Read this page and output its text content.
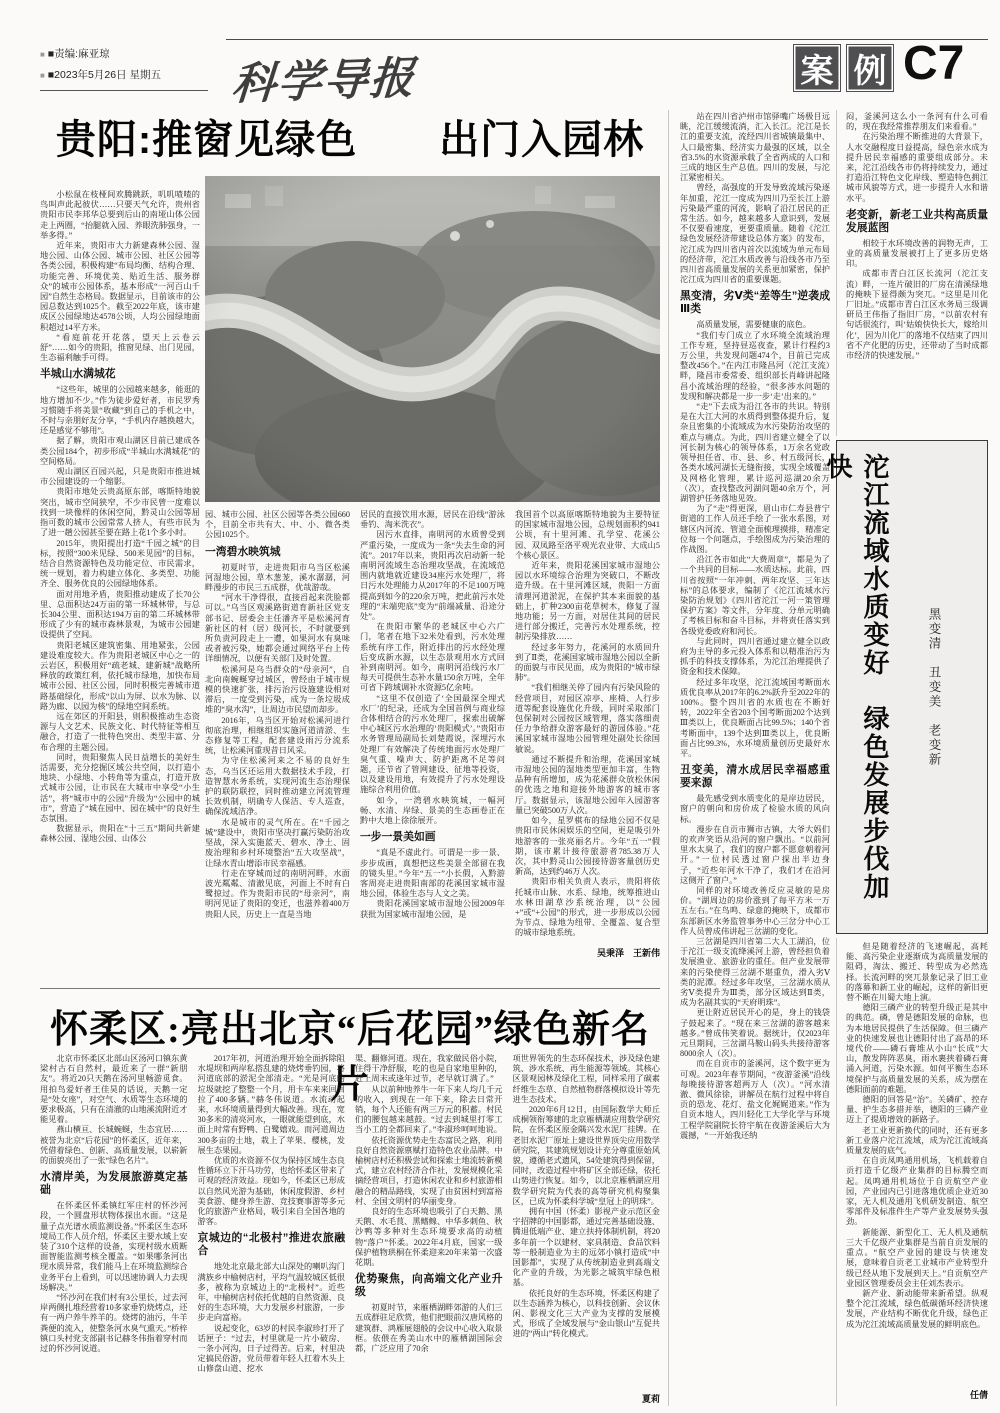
■ ■责编:麻亚琼
■ ■2023年5月26日 星期五	科学导报	案 例 C7
贵阳:推窗见绿色　　出门入园林
小松鼠在枝桠间欢腾跳跃，叽叽喳喳的鸟叫声此起彼伏……只要天气允许，贵州省贵阳市民李邦华总要到后山的南垭山体公园走上两圈，“抬腿就入园、养眼洗肺强身，一举多得。”
近年来，贵阳市大力新建森林公园、湿地公园、山体公园、城市公园、社区公园等各类公园，积极构建“布局均衡、结构合理、功能完善、环境优美、贴近生活、服务群众”的城市公园体系，基本形成“一河百山千园”自然生态格局。数据显示，目前该市的公园总数达到1025个。截至2022年底，该市建成区公园绿地达4578公顷，人均公园绿地面积超过14平方米。
“看庭前花开花落，望天上云卷云舒”……如今的贵阳，推窗见绿、出门见园，生态福利触手可得。
半城山水满城花
“这些年，城里的公园越来越多，能逛的地方增加不少。”作为徒步爱好者，市民罗秀习惯随手将美景“收藏”到自己的手机之中，不时与亲朋好友分享，“手机内存越换越大，还是感觉不够用”。
据了解，贵阳市观山湖区目前已建成各类公园184个，初步形成“半城山水满城花”的空间格局。
观山湖区百园兴起，只是贵阳市推进城市公园建设的一个缩影。
贵阳市地处云贵高原东部，喀斯特地貌突出，城市空间狭窄，不少市民曾一度难以找到一块像样的休闲空间，黔灵山公园等屈指可数的城市公园常常人挤人，有些市民为了进一趟公园甚至要在路上花1个多小时。
2015年，贵阳提出打造“千园之城”的目标，按照“300米见绿、500米见园”的目标，结合自然资源特色及功能定位、市民需求，统一规划，着力构建立体化、多类型、功能齐全、服务优良的公园绿地体系。
面对用地矛盾，贵阳推动建成了长70公里、总面积达24万亩的第一环城林带，与总长304公里、面积达194万亩的第二环城林带形成了少有的城市森林景观，为城市公园建设提供了空间。
贵阳老城区建筑密集、用地紧张，公园建设难度较大。作为贵阳老城区中心之一的云岩区，积极用好“疏老城、建新城”战略所释放的政策红利，依托城市绿地，加快布局城市公园、社区公园，同时积极完善城市道路基础绿化，形成“以山为屏、以水为脉、以路为廊、以园为核”的绿地空间系统。
远在郊区的开阳县，则积极推动生态资源与人文艺术、民族文化、时代特征等相互融合，打造了一批特色突出、类型丰富、分布合理的主题公园。
同时，贵阳聚焦人民日益增长的美好生活需要，充分挖掘区域公共空间，以打造小地块、小绿地、小转角等为重点，打造开放式城市公园，让市民在大城市中享受“小生活”，将“城市中的公园”升级为“公园中的城市”，营造了“城在园中、园在城中”的良好生态氛围。
数据显示，贵阳在“十三五”期间共新建森林公园、湿地公园、山体公
园、城市公园、社区公园等各类公园660个，目前全市共有大、中、小、微各类公园1025个。
一湾碧水映筑城
初夏时节，走进贵阳市乌当区松溪河湿地公园，草木葱茏，溪水潺潺，河畔漫步的市民三五成群，优哉游哉。
“河水干净得很，直接舀起来洗脸都可以。”乌当区观溪路街道育新社区党支部书记、居委会主任潘齐平是松溪河育新社区的村（居）级河长，不时就要到所负责河段走上一遭，如果河水有臭味或者被污染，她都会通过网络平台上传详细情况，以便有关部门及时处置。
松溪河是乌当群众的“母亲河”，自北向南蜿蜒穿过城区，曾经由于城市规模的快速扩张，排污治污设施建设相对滞后，一度受到污染，成为一条垃圾成堆的“臭水沟”，让周边市民望而却步。
2016年，乌当区开始对松溪河进行彻底治理，相继组织实施河道清淤、生态修复等工程，配套建设雨污分流系统，让松溪河重现昔日风采。
为守住松溪河来之不易的良好生态，乌当区还运用大数据技术手段，打造智慧水务系统，实现河流生态治理保护的联防联控，同时推动建立河流管理长效机制，明确专人保洁、专人巡查，确保流域洁净。
水是城市的灵气所在。在“千园之城”建设中，贵阳市坚决打赢污染防治攻坚战，深入实施蓝天、碧水、净土、固废治理和乡村环境整治“五大攻坚战”，让绿水青山增添市民幸福感。
行走在穿城而过的南明河畔，水面波光粼粼、清澈见底，河面上不时有白鹭掠过。作为贵阳市民的“母亲河”，南明河见证了贵阳的变迁，也滋养着400万贵阳人民，历史上一直是当地
居民的直接饮用水源，居民在沿线“游泳垂钓、淘米洗衣”。
因污水直排，南明河的水质曾受到严重污染，一度成为一条“失去生命的河流”。2017年以来，贵阳再次启动新一轮南明河流域生态治理攻坚战，在流域范围内就地就近建设34座污水处理厂，将日污水处理能力从2017年的不足100万吨提高到如今的220余万吨，把此前污水处理的“末端兜底”变为“前端减量、沿途分处”。
在贵阳市繁华的老城区中心六广门，笔者在地下32米处看到，污水处理系统有序工作，附近排出的污水经处理后变成新水源，以生态景观用水方式回补到南明河。如今，南明河沿线污水厂每天可提供生态补水量150余万吨，全年可省下跨域调补水资源5亿余吨。
“这里不仅创造了‘全国最深全埋式水厂’的纪录，还成为全国首例与商业综合体相结合的污水处理厂，探索出破解中心城区污水治理的‘贵阳模式’。”贵阳市水务管理局副局长刘楚霞说，深埋污水处理厂有效解决了传统地面污水处理厂臭气重、噪声大、防护距离不足等问题，还节省了管网建设、征地等投资，以及建设用地，有效提升了污水处理设施综合利用价值。
如今，一湾碧水映筑城，一幅河畅、水清、岸绿、景美的生态画卷正在黔中大地上徐徐展开。
一步一景美如画
“真是不虚此行。可谓是一步一景、步步成画，真想把这些美景全部留在我的镜头里。”今年“五一”小长假，入黔游客周亮走进贵阳南部的花溪国家城市湿地公园，体验生态与人文之美。
贵阳花溪国家城市湿地公园2009年获批为国家城市湿地公园，是
我国首个以高原喀斯特地貌为主要特征的国家城市湿地公园，总规划面积约941公顷，有十里河滩、孔学堂、花溪公园、双凤路至洛平观光农业带、大成山5个核心景区。
近年来，贵阳花溪国家城市湿地公园以水环境综合治理为突破口，不断改造升级。在十里河滩区域，贵阳一方面清理河道淤泥，在保护其本来面貌的基础上，扩种2300亩花草树木，修复了湿地功能；另一方面，对居住其间的居民进行部分搬迁，完善污水处理系统，控制污染排放……
经过多年努力，花溪河的水质回升到了Ⅱ类，花溪国家城市湿地公园以全新的面貌与市民见面，成为贵阳的“城市绿肺”。
“我们相继关停了园内有污染风险的经营项目，对园区凉亭、座椅、人行步道等配套设施优化升级，同时采取部门包保制对公园按区域管理，落实落细责任力争给群众游客最好的游园体验。”花溪国家城市湿地公园管理处副处长徐国敏说。
通过不断提升和治理，花溪国家城市湿地公园的湿地类型更加丰富，生物品种有所增加，成为花溪群众放松休闲的优选之地和迎接外地游客的城市客厅。数据显示，该湿地公园年入园游客量已突破500万人次。
如今，星罗棋布的绿地公园不仅是贵阳市民休闲娱乐的空间，更是吸引外地游客的一张亮丽名片。今年“五一”假期，该市累计接待旅游者785.38万人次，其中黔灵山公园接待游客量创历史新高，达到约46万人次。
贵阳市相关负责人表示，贵阳将依托城市山脉、水系、绿地，统筹推进山水林田湖草沙系统治理，以“公园+”或“+公园”的形式，进一步形成以公园为节点、绿地为纽带、全覆盖、复合型的城市绿地系统。
吴秉泽　王新伟
怀柔区:亮出北京“后花园”绿色新名片
北京市怀柔区北部山区汤河口镇东黄梁村古石自然村，最近来了一群“新朋友”。将近20只天鹅在汤河里畅游觅食。用拍鸟爱好者王佳昊的话说，天鹅一定是“处女座”，对空气、水质等生态环境的要求极高，只有在清澈的山地溪流附近才能见着。
燕山横亘、长城蜿蜒，生态宜居……被誉为北京“后花园”的怀柔区，近年来，凭借着绿色、创新、高质量发展，以崭新的面貌亮出了一张“绿色名片”。
水清岸美，为发展旅游奠定基础
在怀柔区怀柔镇红军庄村的怀沙河段，一个圆盘形状物体探出水面。“这是量子点光谱水质监测设备。”怀柔区生态环境局工作人员介绍，怀柔区主要水域上安装了310个这样的设备，实现村级水质断面智能监测考核全覆盖。“如果哪条河出现水质异常，我们能马上在环境监测综合业务平台上看到，可以迅速协调人力去现场解决。”
“怀沙河在我们村有3公里长，过去河岸两侧扎堆经营着10多家垂钓烧烤点，还有一两户养牛养羊的。烧烤的油污，牛羊粪便的流入，使整条河水臭气熏天。”桥梓镇口头村党支部副书记赫冬伟指着穿村而过的怀沙河说道。
2017年初，河道治理开始全面拆除阻水堤坝和两岸私搭乱建的烧烤垂钓园，将河道底部的淤泥全部清走。“光是河底的垃圾就挖了整整一个月，用卡车来来回回拉了400多辆。”赫冬伟说道。水流动起来，水环境质量得到大幅改善。现在，宽30多米的清亮河水，一眼就能望到底，水面上时常有野鸭、白鹭嬉戏。而河道周边300多亩的土地，栽上了苹果、樱桃，发展生态果园。
优质的水资源不仅为保持区域生态良性循环立下汗马功劳，也给怀柔区带来了可观的经济效益。现如今，怀柔区已形成以自然风光游为基础，休闲度假游、乡村美食游、健身养生游、竞技赛事游等多元化的旅游产业格局，吸引来自全国各地的游客。
京城边的“北极村”推进农旅融合
地处北京最北部大山深处的喇叭沟门满族乡中榆树店村，平均气温较城区低很多，被称为京城边上的“北极村”。近些年，中榆树店村依托优越的自然资源、良好的生态环境，大力发展乡村旅游，一步步走向富裕。
说起变化，63岁的村民李淑珍打开了话匣子：“过去，村里就是一片小破房、一条小河沟，日子过得苦。后来，村里决定搞民俗游，党员带着年轻人扛着木头上山修盘山道、挖水
渠、翻修河道。现在，我家做民俗小院，住得干净舒服，吃的也是自家地里种的，赶上周末或逢年过节，老早就订满了。”
从以前种地养牛一年下来人均几千元的收入，到现在一年下来，除去日常开销，每个人还能有两三万元的积蓄。村民们的腰包越来越鼓。“过去到城里打零工当小工的全都回来了。”李淑珍呵呵地说。
依托资源优势走生态富民之路，利用良好自然资源禀赋打造特色农业品牌。中榆树店村还积极尝试和探索土地流转新模式，建立农村经济合作社，发展规模化采摘经营项目，打造休闲农业和乡村旅游相融合的精品路线，实现了由贫困村到富裕村、全国文明村的华丽变身。
良好的生态环境也吸引了白天鹅、黑天鹅、水毛茛、黑鳍鳈、中华多刺鱼、秋沙鸭等多种对生态环境要求高的动植物“落户”怀柔。2022年4月底，国家一级保护植物珙桐在怀柔迎来20年来第一次盛花期。
优势聚焦，向高端文化产业升级
初夏时节，来雁栖湖畔郊游的人们三五成群驻足欣赏，他们把眼前汉唐风格的建筑群、鸿雁展翅般的会议中心收入取景框。依偎在秀美山水中的雁栖湖国际会都，广泛应用了70余
项世界领先的生态环保技术，涉及绿色建筑、涉水系统、再生能源等领域。其核心区景观园林及绿化工程，同样采用了碳素纤维生态草、自然植物群落模拟设计等先进生态技术。
2020年6月12日，由国际数学大师丘成桐领衔筹建的北京雁栖湖应用数学研究院，在怀柔区原金隅兴发水泥厂挂牌。在老旧水泥厂原址上建设世界顶尖应用数学研究院，其建筑规划设计充分尊重原始风貌，遵循老式遗风，54处建筑得到保留，同时，改造过程中将矿区全部还绿，依托山势进行恢复。如今，以北京雁栖湖应用数学研究院为代表的高等研究机构聚集区，已成为怀柔科学城“皇冠上的明珠”。
拥有中国（怀柔）影视产业示范区金字招牌的中国影都，通过完善基础设施、腾退低端产业、建立扶持体制机制，将20多年前一个以建材、家具制造、食品饮料等一般制造业为主的远郊小镇打造成“中国影都”，实现了从传统制造业到高端文化产业的升级，为光影之城筑牢绿色根基。
依托良好的生态环境，怀柔区构建了以生态涵养为核心，以科技创新、会议休闲、影视文化三大产业为支撑的发展模式，形成了全域发展与“金山银山”互促共进的“两山”转化模式。
夏莉
站在四川省泸州市馆驿嘴广场极目远眺，沱江缓缓流淌，汇入长江。沱江是长江的重要支流，流经四川省城镇最集中、人口最密集、经济实力最强的区域，以全省3.5%的水资源承载了全省两成的人口和三成的地区生产总值。四川的发展，与沱江紧密相关。
曾经，高强度的开发导致流域污染逐年加重，沱江一度成为四川乃至长江上游污染最严重的河流，影响了沿江居民的正常生活。如今，越来越多人意识到，发展不仅要看速度，更要重质量。随着《沱江绿色发展经济带建设总体方案》的发布，沱江成为四川省内首次以流域为单元布局的经济带，沱江水质改善与沿线各市乃至四川省高质量发展的关系更加紧密，保护沱江成为四川省的重要课题。
黑变清，劣Ⅴ类“差等生”逆袭成Ⅲ类
高质量发展，需要健康的底色。
“我们专门成立了水环境全流域治理工作专班，坚持昼巡夜查，累计行程约3万公里，共发现问题474个，目前已完成整改456个。”在内江市隆昌河（沱江支流）畔，隆昌市委常委、组织部长肖峰讲起隆昌小流域治理的经验，“很多涉水问题的发现和解决都是一步一步‘走’出来的。”
“走”下去成为沿江各市的共识。特别是在大江大河的水质得到整体提升后，复杂且密集的小流域成为水污染防治攻坚的难点与痛点。为此，四川省建立健全了以河长制为核心的领导体系，1万余名党政领导担任省、市、县、乡、村五级河长，各类水域河湖长无缝衔接，实现全域覆盖及网格化管理，累计巡河巡湖20余万（次），查找整改河湖问题40余万个，河湖管护任务落地见效。
为了“走”得更深，眉山市仁寿县普宁街道的工作人员还手绘了一张水系图，对辖区内河流、管道全面梳理摸排，精准定位每一个问题点，手绘图成为污染治理的作战图。
沿江各市如此“大费周章”，都是为了一个共同的目标——水质达标。此前，四川省按照“一年冲刺、两年攻坚、三年达标”的总体要求，编制了《沱江流域水污染防治规划》《四川省沱江一河一策管理保护方案》等文件，分年度、分单元明确了考核目标和奋斗目标，并将责任落实到各级党委政府和河长。
与此同时，四川省通过建立健全以政府为主导的多元投入体系和以精准治污为抓手的科技支撑体系，为沱江治理提供了资金和技术保障。
经过多年攻坚，沱江流域国考断面水质优良率从2017年的6.2%跃升至2022年的100%。整个四川省的水质也在不断好转，2022年全省203个国考断面202个达到Ⅲ类以上，优良断面占比99.5%；140个省考断面中，139个达到Ⅲ类以上，优良断面占比99.3%，水环境质量创历史最好水平。
丑变美，清水成居民幸福感重要来源
最先感受到水质变化的是岸边居民，窗户的朝向和房价成了检验水质的风向标。
漫步在自贡市狮市古镇，大爷大妈们的欢声笑语从沿河的窗户飘出。“以前河里水太臭了，我们的窗户都不愿意朝着河开。”一位村民透过窗户探出半边身子，“近些年河水干净了，我们才在沿河这侧开了窗户。”
同样的对环境改善反应灵敏的是房价。“湖周边的房价涨到了每平方米一万五左右。”在鸟鸣、绿意的掩映下，成都市东部新区水务监管事务中心三岔分中心工作人员曾成伟讲起三岔湖的变化。
三岔湖是四川省第二大人工湖泊，位于沱江一级支流绛溪河上游，曾经担负着发展渔业、旅游业的重任。但产业发展带来的污染使得三岔湖不堪重负，滑入劣Ⅴ类的泥潭。经过多年攻坚，三岔湖水质从劣Ⅴ类提升为Ⅲ类，部分区域达到Ⅱ类，成为名副其实的“天府明珠”。
更让附近居民开心的是，身上的钱袋子鼓起来了。“现在来三岔湖的游客越来越多。”曾成伟笑着说。据统计，仅2023年元旦期间，三岔湖马鞍山码头共接待游客8000余人（次）。
而在自贡市的釜溪河，这个数字更为可观。2023年春节期间，“夜游釜溪”沿线每晚接待游客超两万人（次）。“河水清澈、微风徐徐，讲解员在航行过程中将自贡的恐龙、花灯、盐文化娓娓道来。”作为自贡本地人，四川轻化工大学化学与环境工程学院副院长符宇航在夜游釜溪后大为震撼，“一开始我还纳
闷，釜溪河这么小一条河有什么可看的，现在我经常推荐朋友们来看看。”
在污染治理不断推进的大背景下，人水交融程度日益提高，绿色亲水成为提升居民幸福感的重要组成部分。未来，沱江沿线各市仍将持续发力，通过打造沿江特色文化岸线、塑造特色拥江城市风貌等方式，进一步提升人水和谐水平。
老变新，新老工业共构高质量发展蓝图
相较于水环境改善的润物无声，工业的高质量发展被打上了更多历史烙印。
成都市青白江区长流河（沱江支流）畔，一连片破旧的厂房在清溪绿地的掩映下显得颇为突兀。“这里是川化厂旧址。”成都市青白江区水务局三级调研员王伟指了指旧厂房，“以前农村有句话很流行，叫‘姑娘快快长大，嫁给川化’，因为川化厂的落地不仅结束了四川省不产化肥的历史，还带动了当时成都市经济的快速发展。”
沱江流域水质变好　绿色发展步伐加快
黑变清　丑变美　老变新
但是随着经济的飞速崛起，高耗能、高污染企业逐渐成为高质量发展的阻碍，淘汰、搬迁、转型成为必然选择。长流河畔的突兀景象记录了旧工业的落幕和新工业的崛起，这样的新旧更替不断在川蜀大地上演。
德阳三磷产业的转型升级正是其中的典范。磷，曾是德阳发展的命脉，也为本地居民提供了生活保障。但三磷产业的快速发展也让德阳付出了高昂的环境代价——磷石膏堆从小山“长成”大山，散发阵阵恶臭，雨水裹挟着磷石膏涌入河道，污染水源。如何平衡生态环境保护与高质量发展的关系，成为摆在德阳面前的难题。
德阳的回答是“治”。关磷矿、控存量、护生态多措并举，德阳的三磷产业迈上了提质增效的新路子。
老工业更新换代的同时，还有更多新工业落户沱江流域，成为沱江流域高质量发展的底气。
在自贡凤鸣通用机场，飞机载着自贡打造千亿级产业集群的目标腾空而起。凤鸣通用机场位于自贡航空产业园，产业园内已引进落地优质企业近30家，无人机及通用飞机研发制造、航空零部件及标准件生产等产业发展势头强劲。
新能源、新型化工、无人机及通航三大千亿级产业集群是当前自贡发展的重点。“航空产业园的建设与快速发展，意味着自贡老工业城市产业转型升级已经从地下发展到天上。”自贡航空产业园区管理委员会主任刘杰表示。
新产业、新动能带来新希望。纵观整个沱江流域，绿色低碳循环经济快速发展，产业结构不断优化升级，绿色正成为沱江流域高质量发展的鲜明底色。
任倩
